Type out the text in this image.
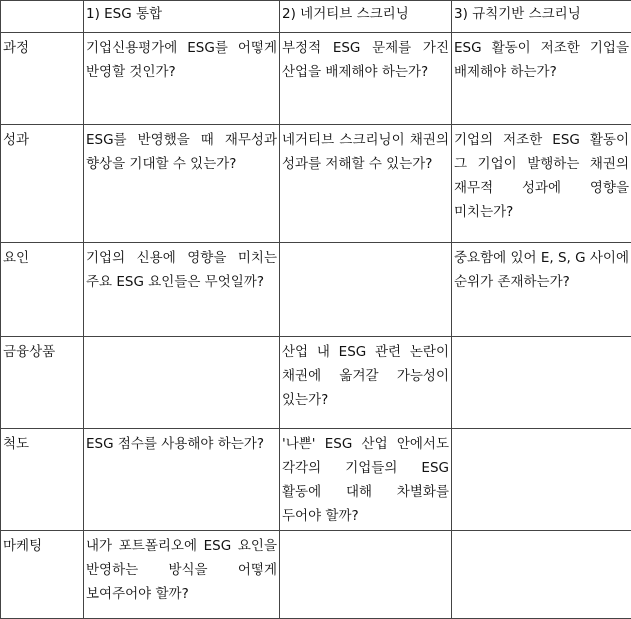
	1) ESG 통합	2) 네거티브 스크리닝	3) 규칙기반 스크리닝
과정	기업신용평가에 ESG를 어떻게 반영할 것인가?	부정적 ESG 문제를 가진 산업을 배제해야 하는가?	ESG 활동이 저조한 기업을 배제해야 하는가?
성과	ESG를 반영했을 때 재무성과 향상을 기대할 수 있는가?	네거티브 스크리닝이 채권의 성과를 저해할 수 있는가?	기업의 저조한 ESG 활동이 그 기업이 발행하는 채권의 재무적 성과에 영향을 미치는가?
요인	기업의 신용에 영향을 미치는 주요 ESG 요인들은 무엇일까?		중요함에 있어 E, S, G 사이에 순위가 존재하는가?
금융상품		산업 내 ESG 관련 논란이 채권에 옮겨갈 가능성이 있는가?	
척도	ESG 점수를 사용해야 하는가?	'나쁜' ESG 산업 안에서도 각각의 기업들의 ESG 활동에 대해 차별화를 두어야 할까?	
마케팅	내가 포트폴리오에 ESG 요인을 반영하는 방식을 어떻게 보여주어야 할까?		
